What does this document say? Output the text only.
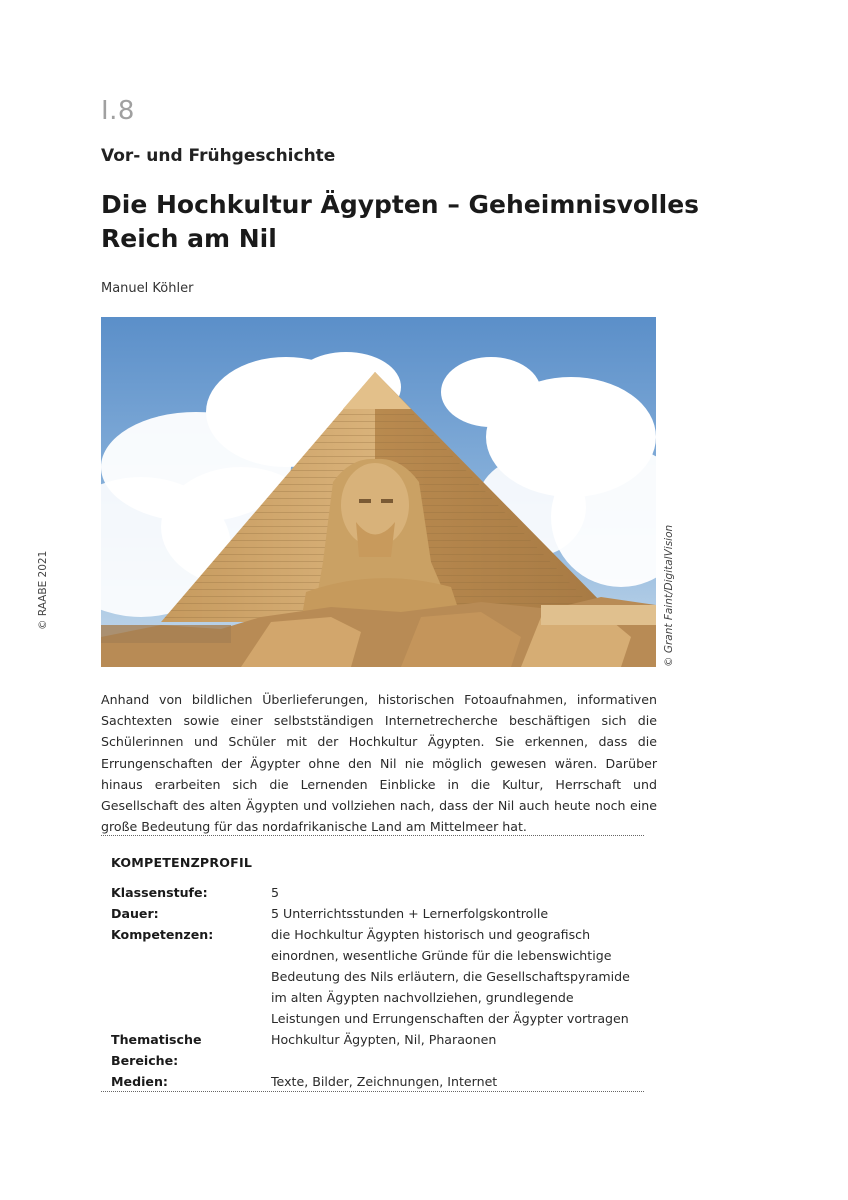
I.8
Vor- und Frühgeschichte
Die Hochkultur Ägypten – Geheimnisvolles
Reich am Nil
Manuel Köhler
© Grant Faint/DigitalVision
© RAABE 2021

Anhand von bildlichen Überlieferungen, historischen Fotoaufnahmen, informativen Sachtexten sowie einer selbstständigen Internetrecherche beschäftigen sich die Schülerinnen und Schüler mit der Hochkultur Ägypten. Sie erkennen, dass die Errungenschaften der Ägypter ohne den Nil nie möglich gewesen wären. Darüber hinaus erarbeiten sich die Lernenden Einblicke in die Kultur, Herrschaft und Gesellschaft des alten Ägypten und vollziehen nach, dass der Nil auch heute noch eine große Bedeutung für das nordafrikanische Land am Mittelmeer hat.

KOMPETENZPROFIL
Klassenstufe:	5
Dauer:	5 Unterrichtsstunden + Lernerfolgskontrolle
Kompetenzen:	die Hochkultur Ägypten historisch und geografisch einordnen, wesentliche Gründe für die lebenswichtige Bedeutung des Nils erläutern, die Gesellschaftspyramide im alten Ägypten nachvollziehen, grundlegende Leistungen und Errungenschaften der Ägypter vortragen
Thematische Bereiche:
Hochkultur Ägypten, Nil, Pharaonen
Medien:	Texte, Bilder, Zeichnungen, Internet
